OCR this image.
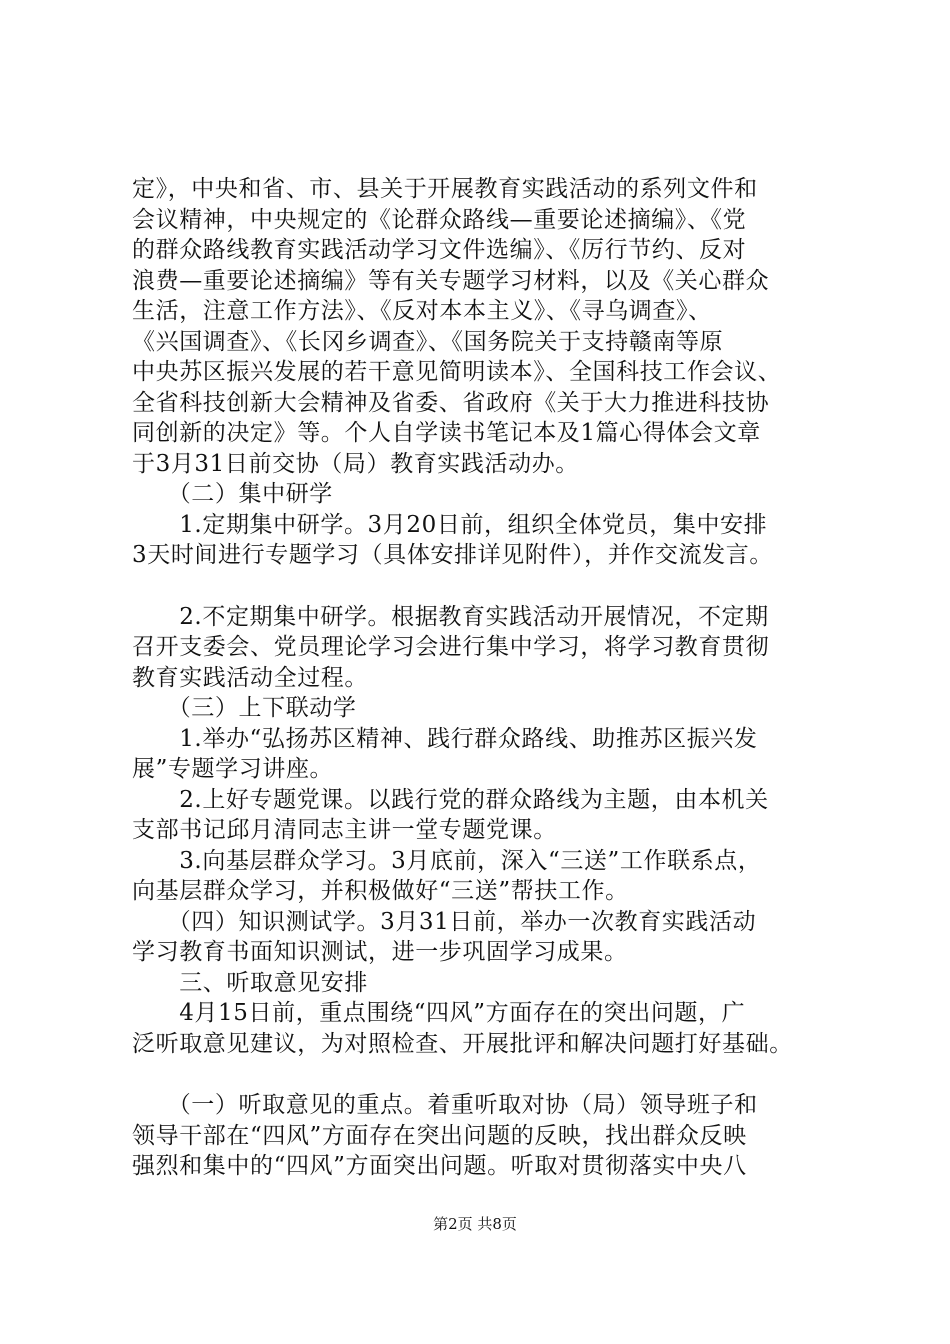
定》，中央和省、市、县关于开展教育实践活动的系列文件和
会议精神，中央规定的《论群众路线—重要论述摘编》、《党
的群众路线教育实践活动学习文件选编》、《厉行节约、反对
浪费—重要论述摘编》等有关专题学习材料，以及《关心群众
生活，注意工作方法》、《反对本本主义》、《寻乌调查》、
《兴国调查》、《长冈乡调查》、《国务院关于支持赣南等原
中央苏区振兴发展的若干意见简明读本》、全国科技工作会议、
全省科技创新大会精神及省委、省政府《关于大力推进科技协
同创新的决定》等。个人自学读书笔记本及1篇心得体会文章
于3月31日前交协（局）教育实践活动办。
　　（二）集中研学
　　1.定期集中研学。3月20日前，组织全体党员，集中安排
3天时间进行专题学习（具体安排详见附件），并作交流发言。
　　2.不定期集中研学。根据教育实践活动开展情况，不定期
召开支委会、党员理论学习会进行集中学习，将学习教育贯彻
教育实践活动全过程。
　　（三）上下联动学
　　1.举办“弘扬苏区精神、践行群众路线、助推苏区振兴发
展”专题学习讲座。
　　2.上好专题党课。以践行党的群众路线为主题，由本机关
支部书记邱月清同志主讲一堂专题党课。
　　3.向基层群众学习。3月底前，深入“三送”工作联系点，
向基层群众学习，并积极做好“三送”帮扶工作。
　　（四）知识测试学。3月31日前，举办一次教育实践活动
学习教育书面知识测试，进一步巩固学习成果。
　　三、听取意见安排
　　4月15日前，重点围绕“四风”方面存在的突出问题，广
泛听取意见建议，为对照检查、开展批评和解决问题打好基础。
　　（一）听取意见的重点。着重听取对协（局）领导班子和
领导干部在“四风”方面存在突出问题的反映，找出群众反映
强烈和集中的“四风”方面突出问题。听取对贯彻落实中央八
第2页 共8页
